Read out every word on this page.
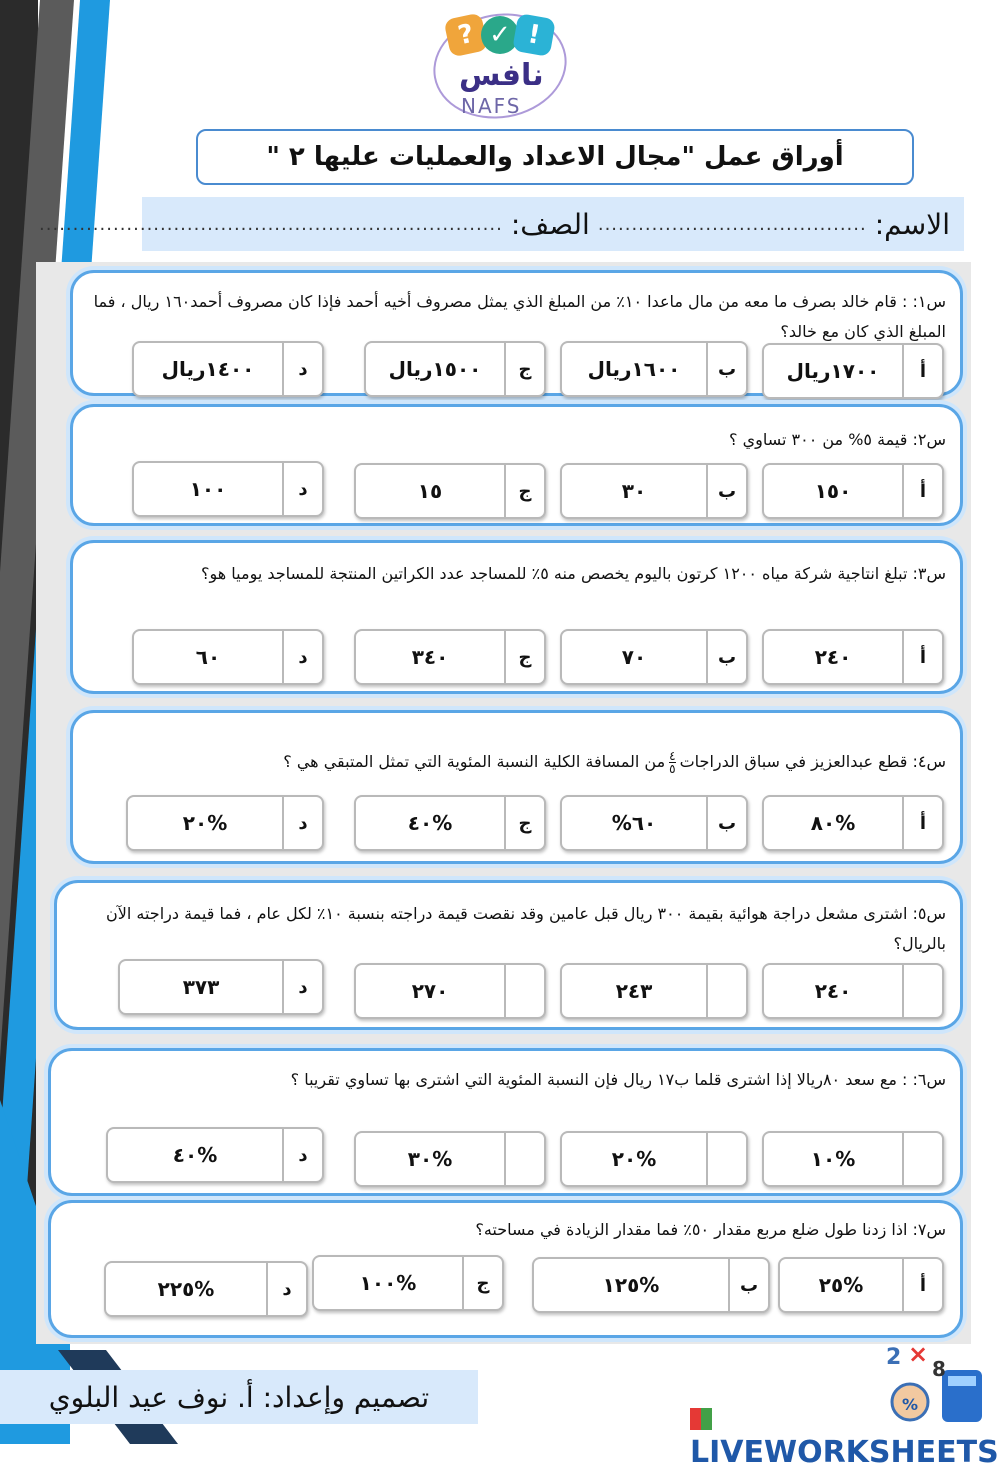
? ✓ !
نافس
NAFS
أوراق عمل "مجال الاعداد والعمليات عليها ٢ "
الاسم:
........................................
الصف:
.....................................................................
س١: : قام خالد بصرف ما معه من مال ماعدا ١٠٪ من المبلغ الذي يمثل مصروف أخيه أحمد فإذا كان مصروف أحمد١٦٠ ريال ، فما المبلغ الذي كان مع خالد؟
أ
١٧٠٠ريال
ب
١٦٠٠ريال
ج
١٥٠٠ريال
د
١٤٠٠ريال
س٢: قيمة ٥% من ٣٠٠ تساوي ؟
أ
١٥٠
ب
٣٠
ج
١٥
د
١٠٠
س٣: تبلغ انتاجية شركة مياه ١٢٠٠ كرتون باليوم يخصص منه ٥٪ للمساجد عدد الكراتين المنتجة للمساجد يوميا هو؟
أ
٢٤٠
ب
٧٠
ج
٣٤٠
د
٦٠
س٤: قطع عبدالعزيز في سباق الدراجات
٤
٥
من المسافة الكلية النسبة المئوية التي تمثل المتبقي هي ؟
أ
%٨٠
ب
٦٠%
ج
%٤٠
د
%٢٠
س٥: اشترى مشعل دراجة هوائية بقيمة ٣٠٠ ريال قبل عامين وقد نقصت قيمة دراجته بنسبة ١٠٪ لكل عام ، فما قيمة دراجته الآن بالريال؟
٢٤٠
٢٤٣
٢٧٠
د
٣٧٣
س٦: : مع سعد ٨٠ريالا إذا اشترى قلما ب١٧ ريال فإن النسبة المئوية التي اشترى بها تساوي تقريبا ؟
%١٠
%٢٠
%٣٠
د
%٤٠
س٧: اذا زدنا طول ضلع مربع مقدار ٥٠٪ فما مقدار الزيادة في مساحته؟
أ
%٢٥
ب
%١٢٥
ج
%١٠٠
د
%٢٢٥
تصميم وإعداد: أ. نوف عيد البلوي
2 ×
8
%
LIVEWORKSHEETS
